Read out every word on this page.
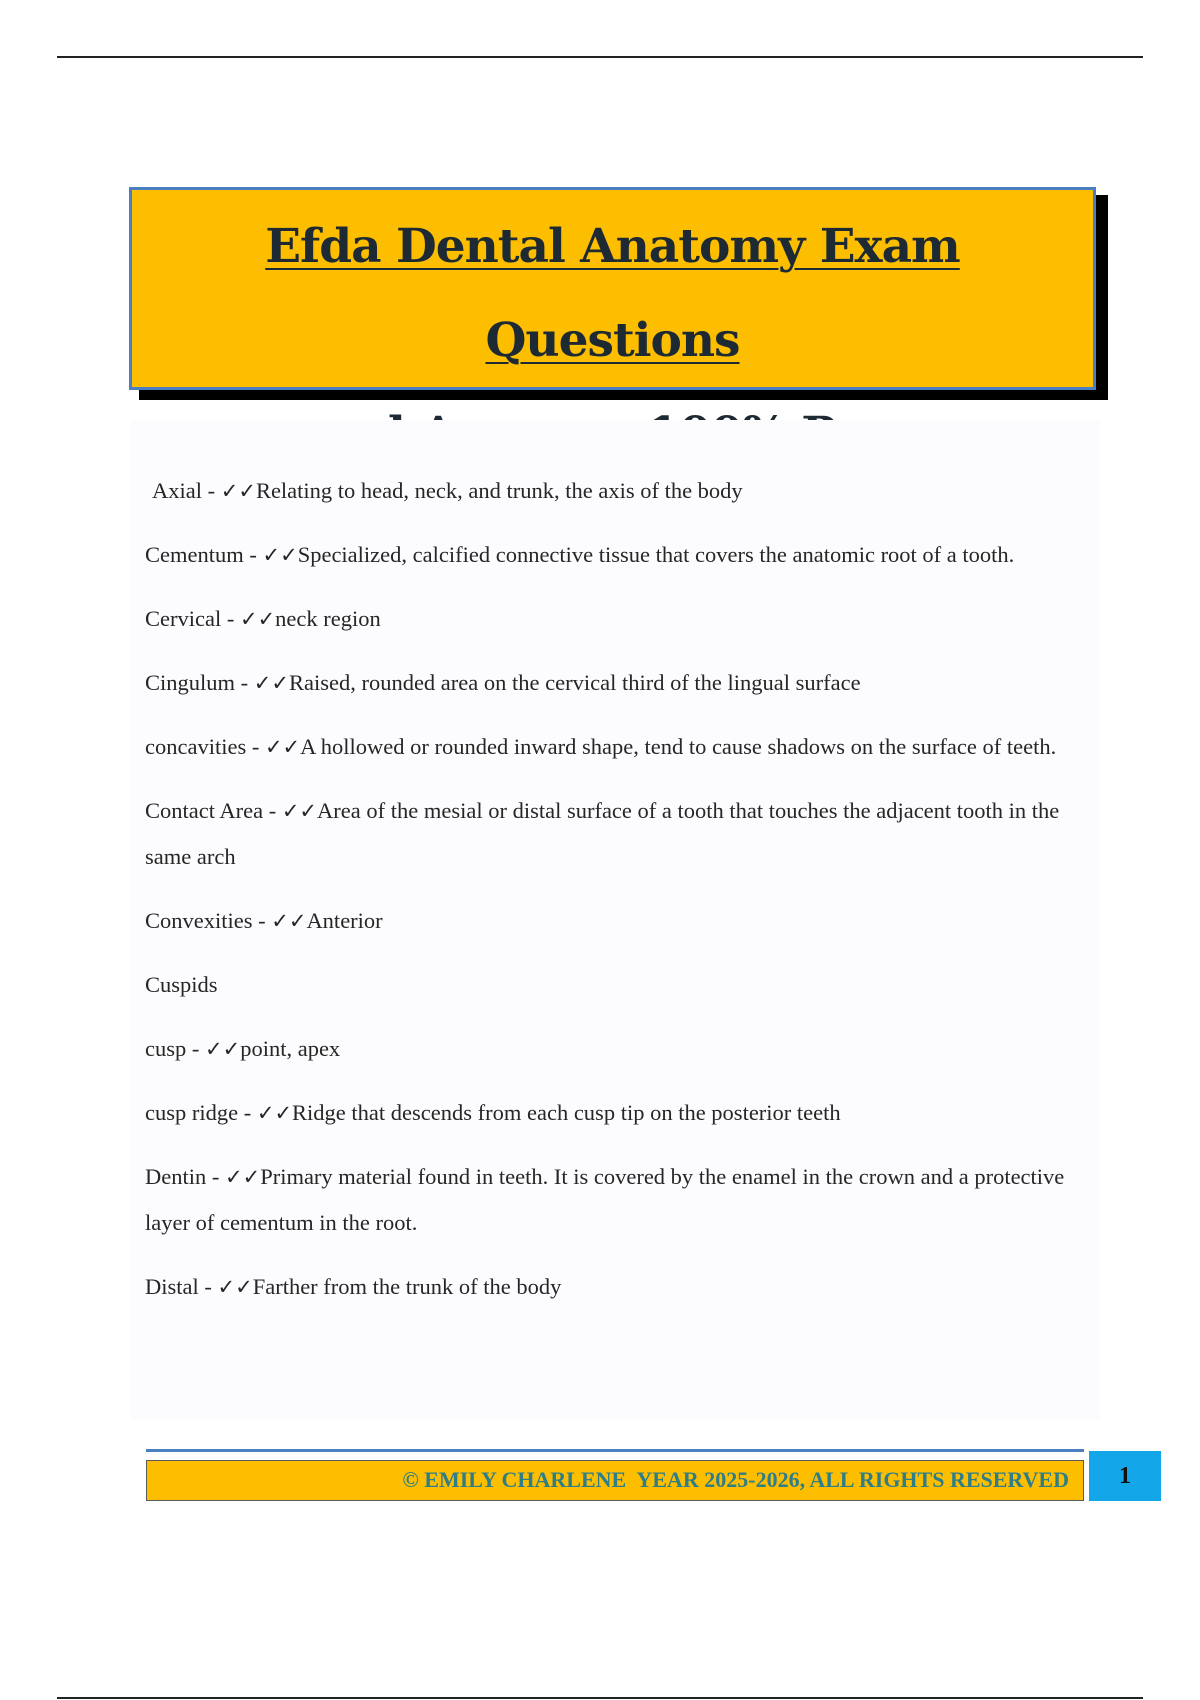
Efda Dental Anatomy Exam Questions
Axial - ✓✓Relating to head, neck, and trunk, the axis of the body
Cementum - ✓✓Specialized, calcified connective tissue that covers the anatomic root of a tooth.
Cervical - ✓✓neck region
Cingulum - ✓✓Raised, rounded area on the cervical third of the lingual surface
concavities - ✓✓A hollowed or rounded inward shape, tend to cause shadows on the surface of teeth.
Contact Area - ✓✓Area of the mesial or distal surface of a tooth that touches the adjacent tooth in the same arch
Convexities - ✓✓Anterior
Cuspids
cusp - ✓✓point, apex
cusp ridge - ✓✓Ridge that descends from each cusp tip on the posterior teeth
Dentin - ✓✓Primary material found in teeth. It is covered by the enamel in the crown and a protective layer of cementum in the root.
Distal - ✓✓Farther from the trunk of the body
© EMILY CHARLENE  YEAR 2025-2026, ALL RIGHTS RESERVED	1
